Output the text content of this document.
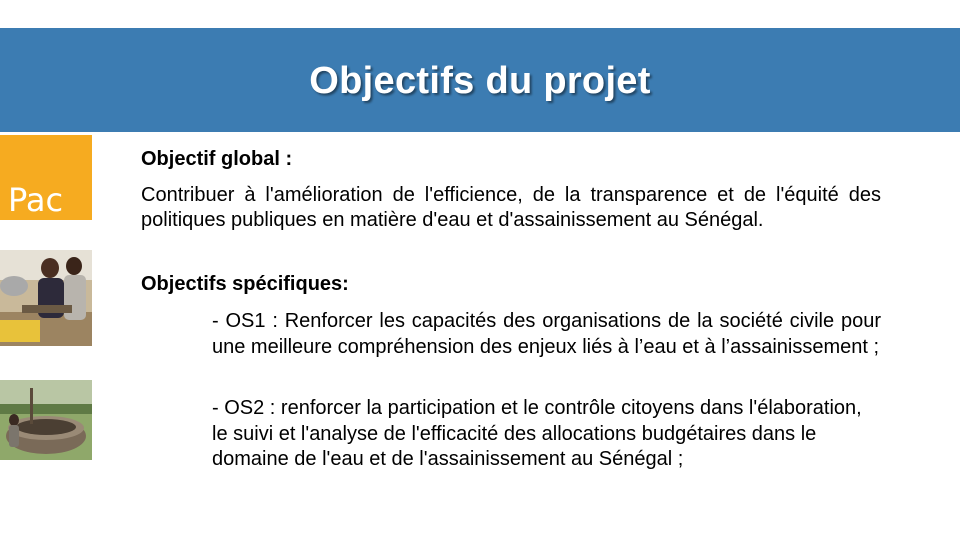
Objectifs du projet
Pac
Objectif global :
Contribuer à l'amélioration de l'efficience, de la transparence et de l'équité des politiques publiques en matière d'eau et d'assainissement au Sénégal.
Objectifs spécifiques:
- OS1 : Renforcer les capacités des organisations de la société civile pour une meilleure compréhension des enjeux liés à l’eau et à l’assainissement ;
- OS2 : renforcer la participation et le contrôle citoyens dans l'élaboration, le suivi et l'analyse de l'efficacité des allocations budgétaires dans le domaine de l'eau et de l'assainissement au Sénégal ;
